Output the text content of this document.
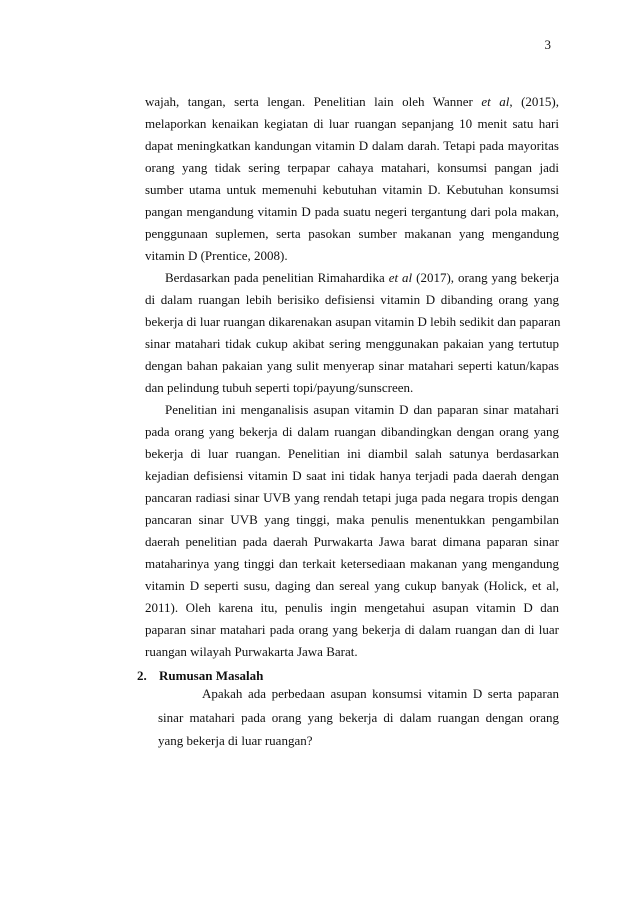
3
wajah, tangan, serta lengan. Penelitian lain oleh Wanner et al, (2015),
melaporkan kenaikan kegiatan di luar ruangan sepanjang 10 menit satu hari
dapat meningkatkan kandungan vitamin D dalam darah. Tetapi pada mayoritas
orang yang tidak sering terpapar cahaya matahari, konsumsi pangan jadi
sumber utama untuk memenuhi kebutuhan vitamin D. Kebutuhan konsumsi
pangan mengandung vitamin D pada suatu negeri tergantung dari pola makan,
penggunaan suplemen, serta pasokan sumber makanan yang mengandung
vitamin D (Prentice, 2008).
Berdasarkan pada penelitian Rimahardika et al (2017), orang yang bekerja
di dalam ruangan lebih berisiko defisiensi vitamin D dibanding orang yang
bekerja di luar ruangan dikarenakan asupan vitamin D lebih sedikit dan paparan
sinar matahari tidak cukup akibat sering menggunakan pakaian yang tertutup
dengan bahan pakaian yang sulit menyerap sinar matahari seperti katun/kapas
dan pelindung tubuh seperti topi/payung/sunscreen.
Penelitian ini menganalisis asupan vitamin D dan paparan sinar matahari
pada orang yang bekerja di dalam ruangan dibandingkan dengan orang yang
bekerja di luar ruangan. Penelitian ini diambil salah satunya berdasarkan
kejadian defisiensi vitamin D saat ini tidak hanya terjadi pada daerah dengan
pancaran radiasi sinar UVB yang rendah tetapi juga pada negara tropis dengan
pancaran sinar UVB yang tinggi, maka penulis menentukkan pengambilan
daerah penelitian pada daerah Purwakarta Jawa barat dimana paparan sinar
mataharinya yang tinggi dan terkait ketersediaan makanan yang mengandung
vitamin D seperti susu, daging dan sereal yang cukup banyak (Holick, et al,
2011). Oleh karena itu, penulis ingin mengetahui asupan vitamin D dan
paparan sinar matahari pada orang yang bekerja di dalam ruangan dan di luar
ruangan wilayah Purwakarta Jawa Barat.
2. Rumusan Masalah
Apakah ada perbedaan asupan konsumsi vitamin D serta paparan
sinar matahari pada orang yang bekerja di dalam ruangan dengan orang
yang bekerja di luar ruangan?
